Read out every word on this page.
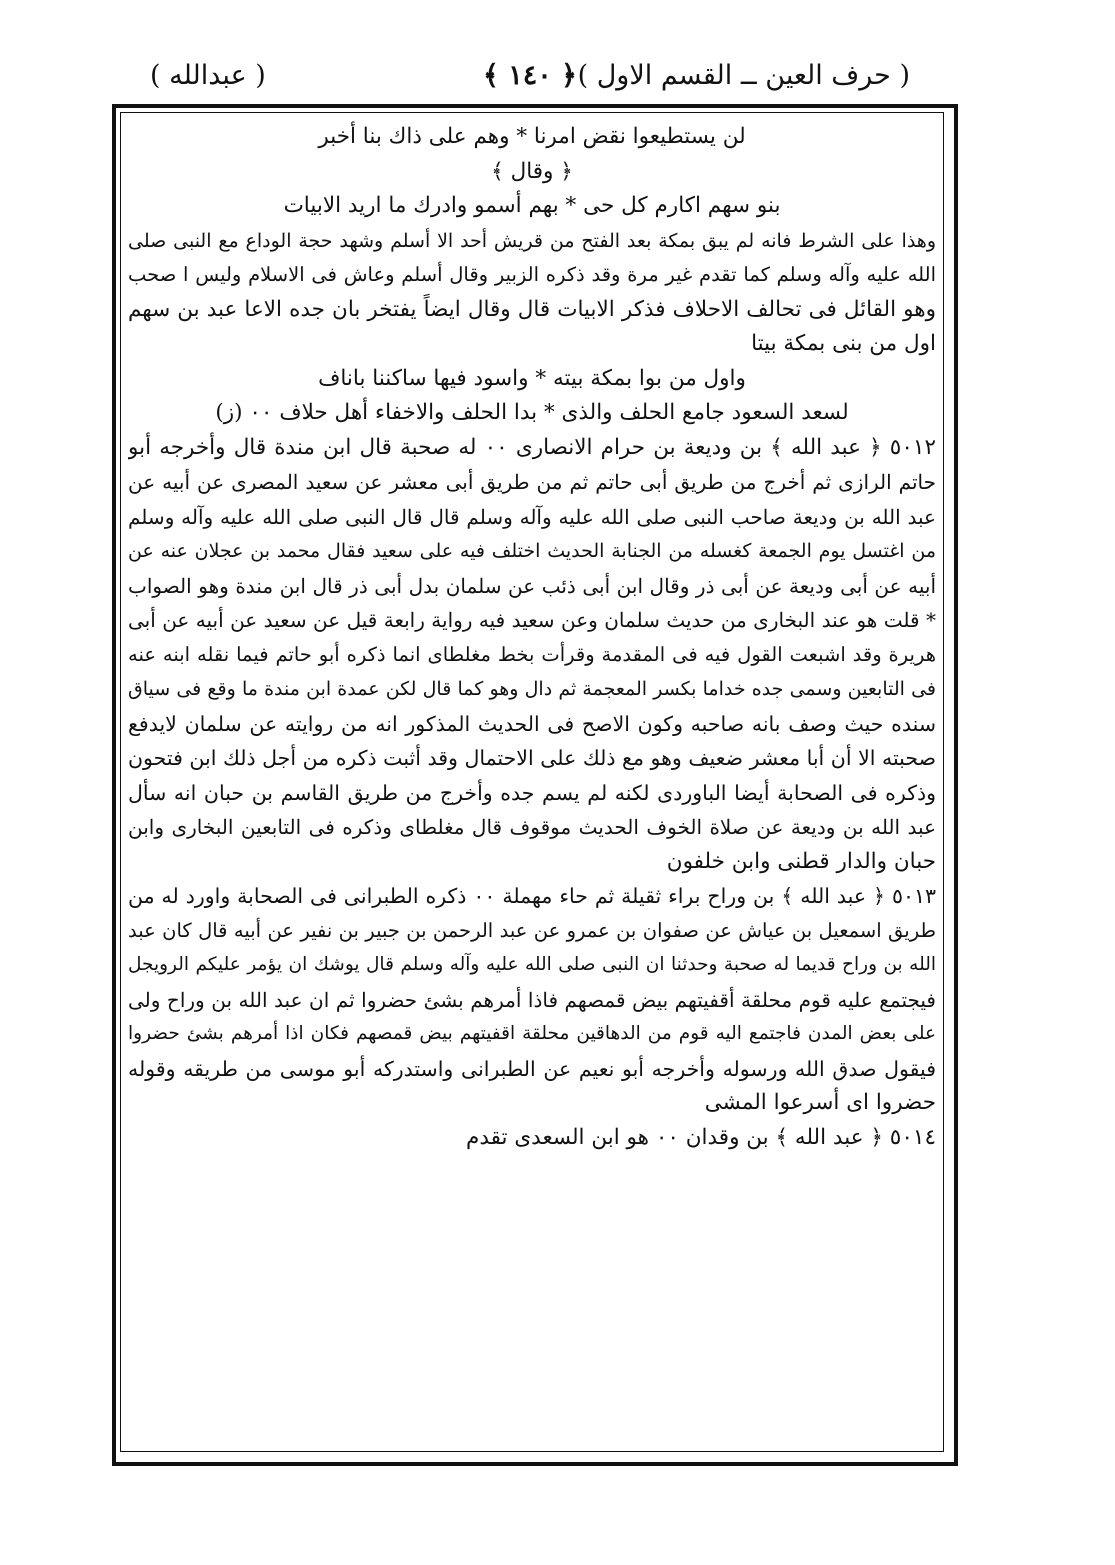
( حرف العين ــ القسم الاول )
﴿ ١٤٠ ﴾
( عبدالله )
لن يستطيعوا نقض امرنا * وهم على ذاك بنا أخبر
﴿ وقال ﴾
بنو سهم اكارم كل حى * بهم أسمو وادرك ما اريد الابيات
وهذا على الشرط فانه لم يبق بمكة بعد الفتح من قريش أحد الا أسلم وشهد حجة الوداع مع النبى صلى
الله عليه وآله وسلم كما تقدم غير مرة وقد ذكره الزبير وقال أسلم وعاش فى الاسلام وليس ا صحب
وهو القائل فى تحالف الاحلاف فذكر الابيات قال وقال ايضاً يفتخر بان جده الاعا عبد بن سهم
اول من بنى بمكة بيتا
واول من بوا بمكة بيته * واسود فيها ساكننا باناف
لسعد السعود جامع الحلف والذى * بدا الحلف والاخفاء أهل حلاف ٠٠ (ز)
٥٠١٢ ﴿ عبد الله ﴾ بن وديعة بن حرام الانصارى ٠٠ له صحبة قال ابن مندة قال وأخرجه أبو
حاتم الرازى ثم أخرج من طريق أبى حاتم ثم من طريق أبى معشر عن سعيد المصرى عن أبيه عن
عبد الله بن وديعة صاحب النبى صلى الله عليه وآله وسلم قال قال النبى صلى الله عليه وآله وسلم
من اغتسل يوم الجمعة كغسله من الجنابة الحديث اختلف فيه على سعيد فقال محمد بن عجلان عنه عن
أبيه عن أبى وديعة عن أبى ذر وقال ابن أبى ذئب عن سلمان بدل أبى ذر قال ابن مندة وهو الصواب
* قلت هو عند البخارى من حديث سلمان وعن سعيد فيه رواية رابعة قيل عن سعيد عن أبيه عن أبى
هريرة وقد اشبعت القول فيه فى المقدمة وقرأت بخط مغلطاى انما ذكره أبو حاتم فيما نقله ابنه عنه
فى التابعين وسمى جده خداما بكسر المعجمة ثم دال وهو كما قال لكن عمدة ابن مندة ما وقع فى سياق
سنده حيث وصف بانه صاحبه وكون الاصح فى الحديث المذكور انه من روايته عن سلمان لايدفع
صحبته الا أن أبا معشر ضعيف وهو مع ذلك على الاحتمال وقد أثبت ذكره من أجل ذلك ابن فتحون
وذكره فى الصحابة أيضا الباوردى لكنه لم يسم جده وأخرج من طريق القاسم بن حبان انه سأل
عبد الله بن وديعة عن صلاة الخوف الحديث موقوف قال مغلطاى وذكره فى التابعين البخارى وابن
حبان والدار قطنى وابن خلفون
٥٠١٣ ﴿ عبد الله ﴾ بن وراح براء ثقيلة ثم حاء مهملة ٠٠ ذكره الطبرانى فى الصحابة واورد له من
طريق اسمعيل بن عياش عن صفوان بن عمرو عن عبد الرحمن بن جبير بن نفير عن أبيه قال كان عبد
الله بن وراح قديما له صحبة وحدثنا ان النبى صلى الله عليه وآله وسلم قال يوشك ان يؤمر عليكم الرويجل
فيجتمع عليه قوم محلقة أقفيتهم بيض قمصهم فاذا أمرهم بشئ حضروا ثم ان عبد الله بن وراح ولى
على بعض المدن فاجتمع اليه قوم من الدهاقين محلقة اقفيتهم بيض قمصهم فكان اذا أمرهم بشئ حضروا
فيقول صدق الله ورسوله وأخرجه أبو نعيم عن الطبرانى واستدركه أبو موسى من طريقه وقوله
حضروا اى أسرعوا المشى
٥٠١٤ ﴿ عبد الله ﴾ بن وقدان ٠٠ هو ابن السعدى تقدم
